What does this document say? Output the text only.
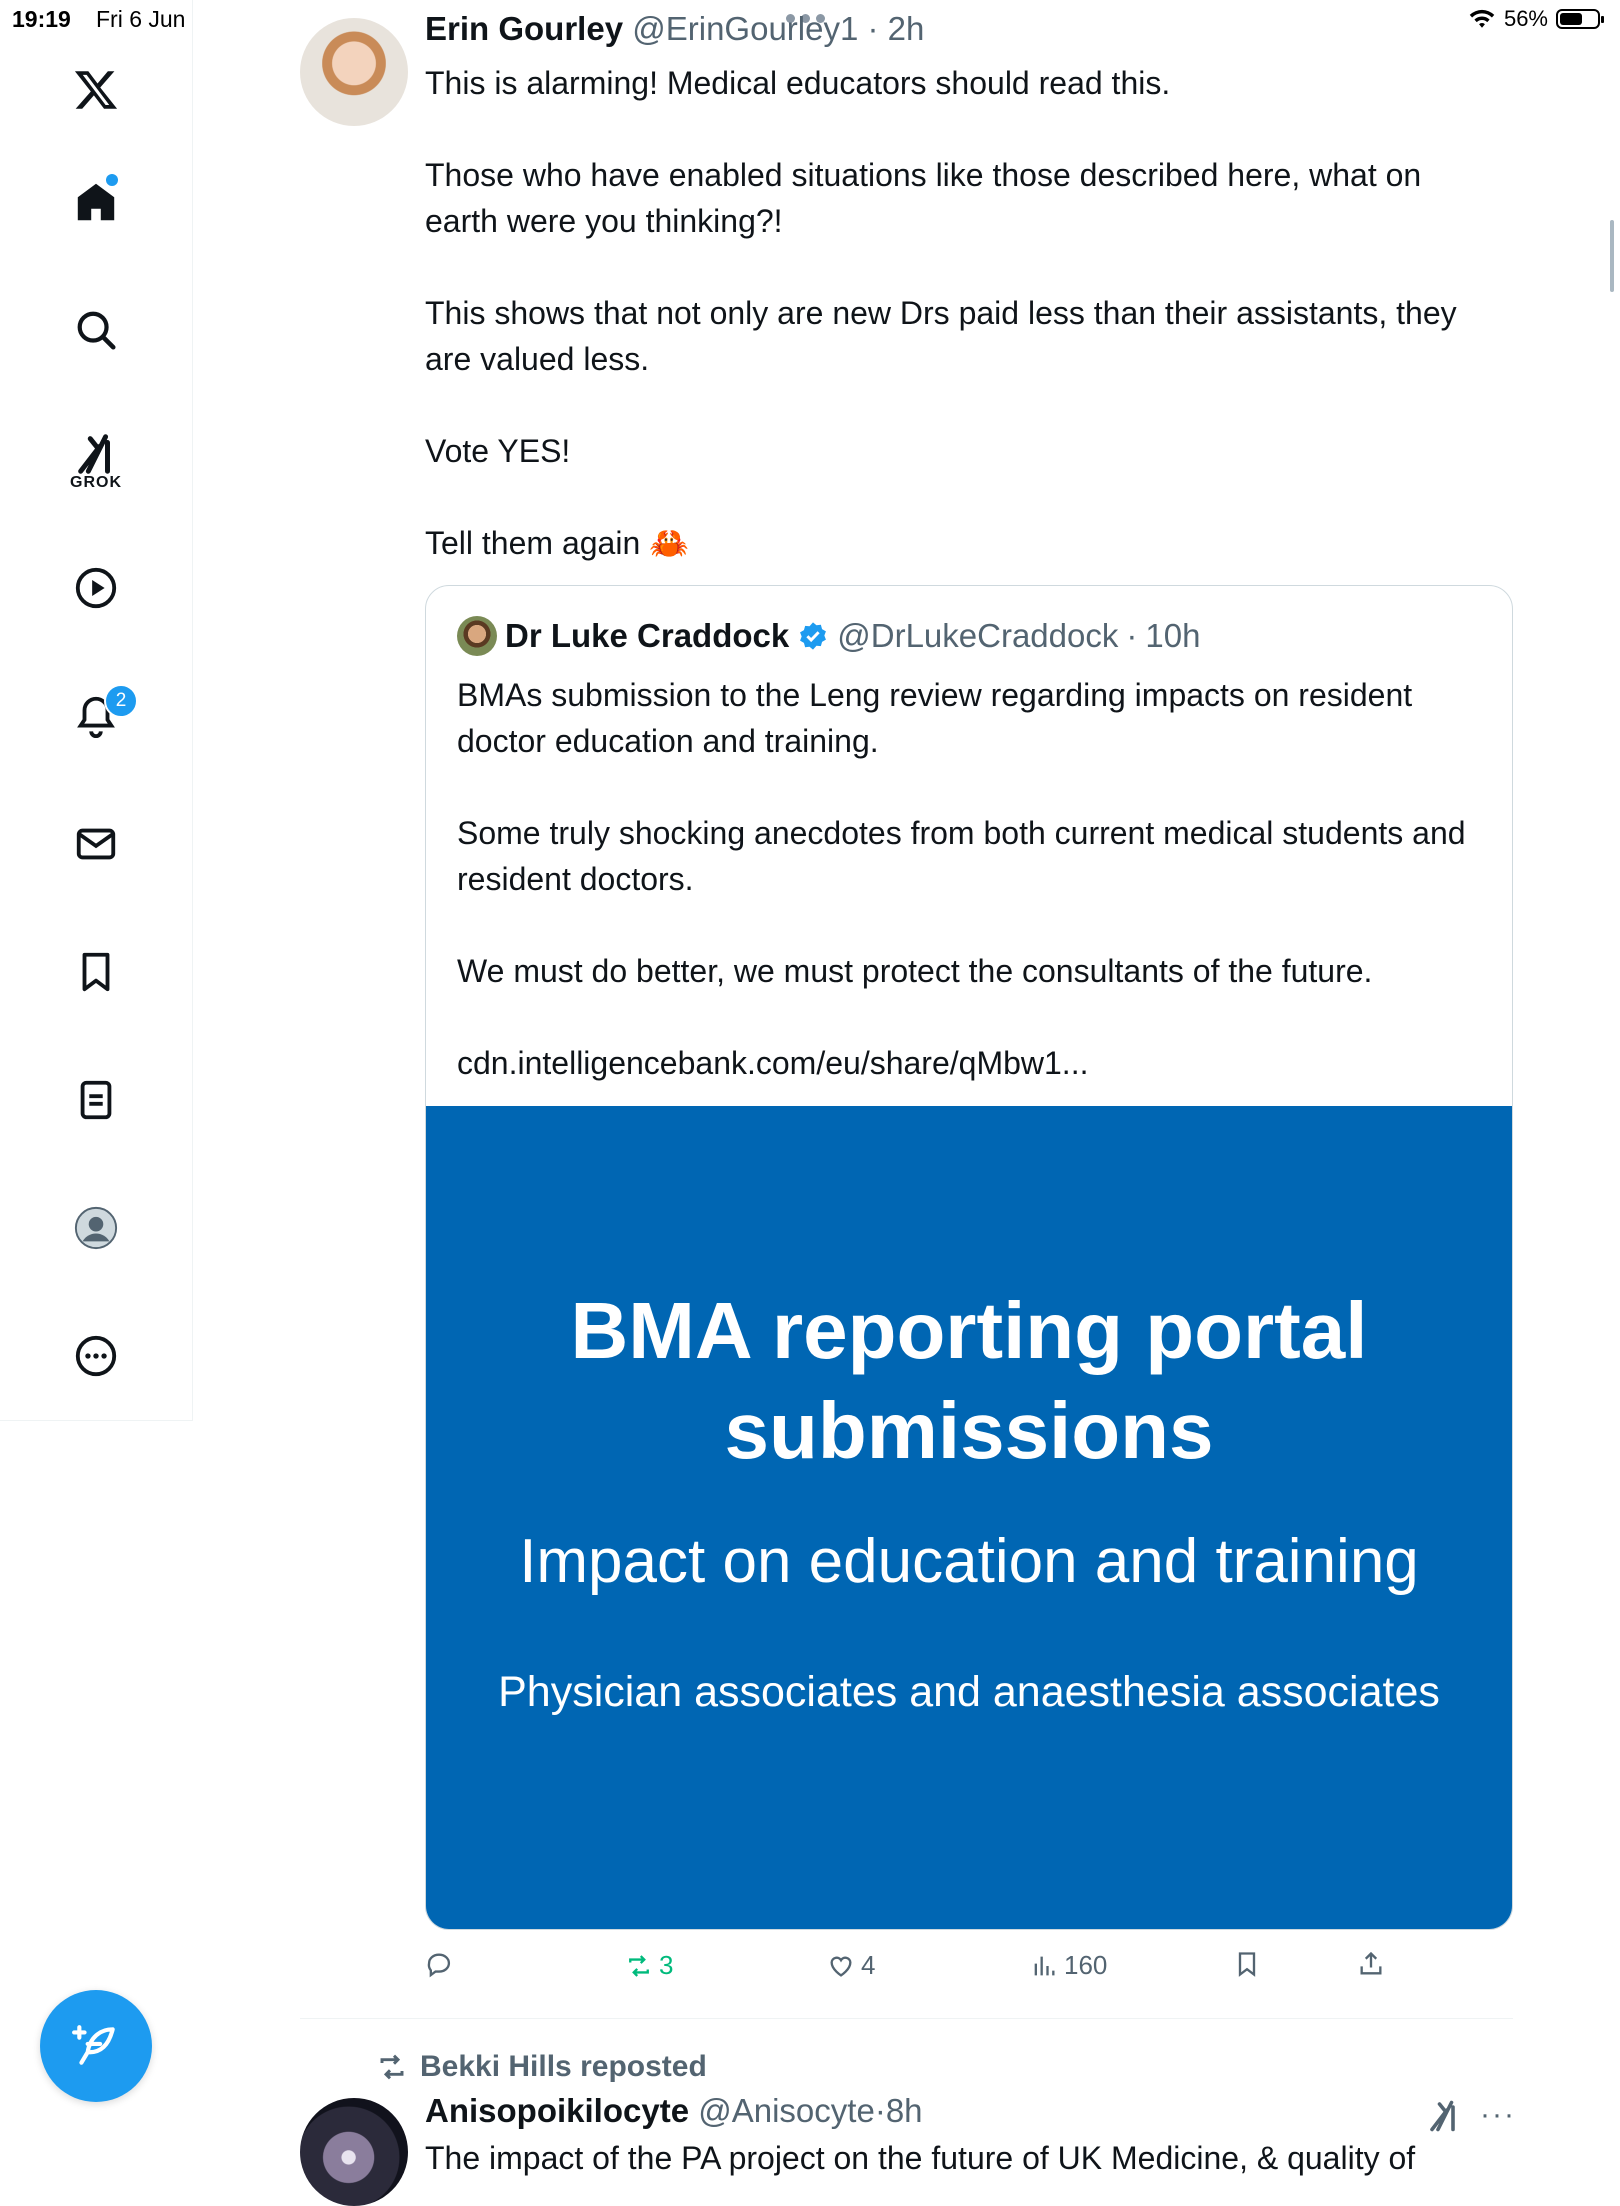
19:19 Fri 6 Jun	56%
GROK
2
Erin Gourley @ErinGourley1 · 2h

This is alarming! Medical educators should read this.

Those who have enabled situations like those described here, what on earth were you thinking?!

This shows that not only are new Drs paid less than their assistants, they are valued less.

Vote YES!

Tell them again 🦀

Dr Luke Craddock @DrLukeCraddock · 10h

BMAs submission to the Leng review regarding impacts on resident doctor education and training.

Some truly shocking anecdotes from both current medical students and resident doctors.

We must do better, we must protect the consultants of the future.

cdn.intelligencebank.com/eu/share/qMbw1...

BMA reporting portal
submissions
Impact on education and training
Physician associates and anaesthesia associates
3	4	160
Bekki Hills reposted
Anisopoikilocyte @Anisocyte·8h	···
The impact of the PA project on the future of UK Medicine, & quality of
